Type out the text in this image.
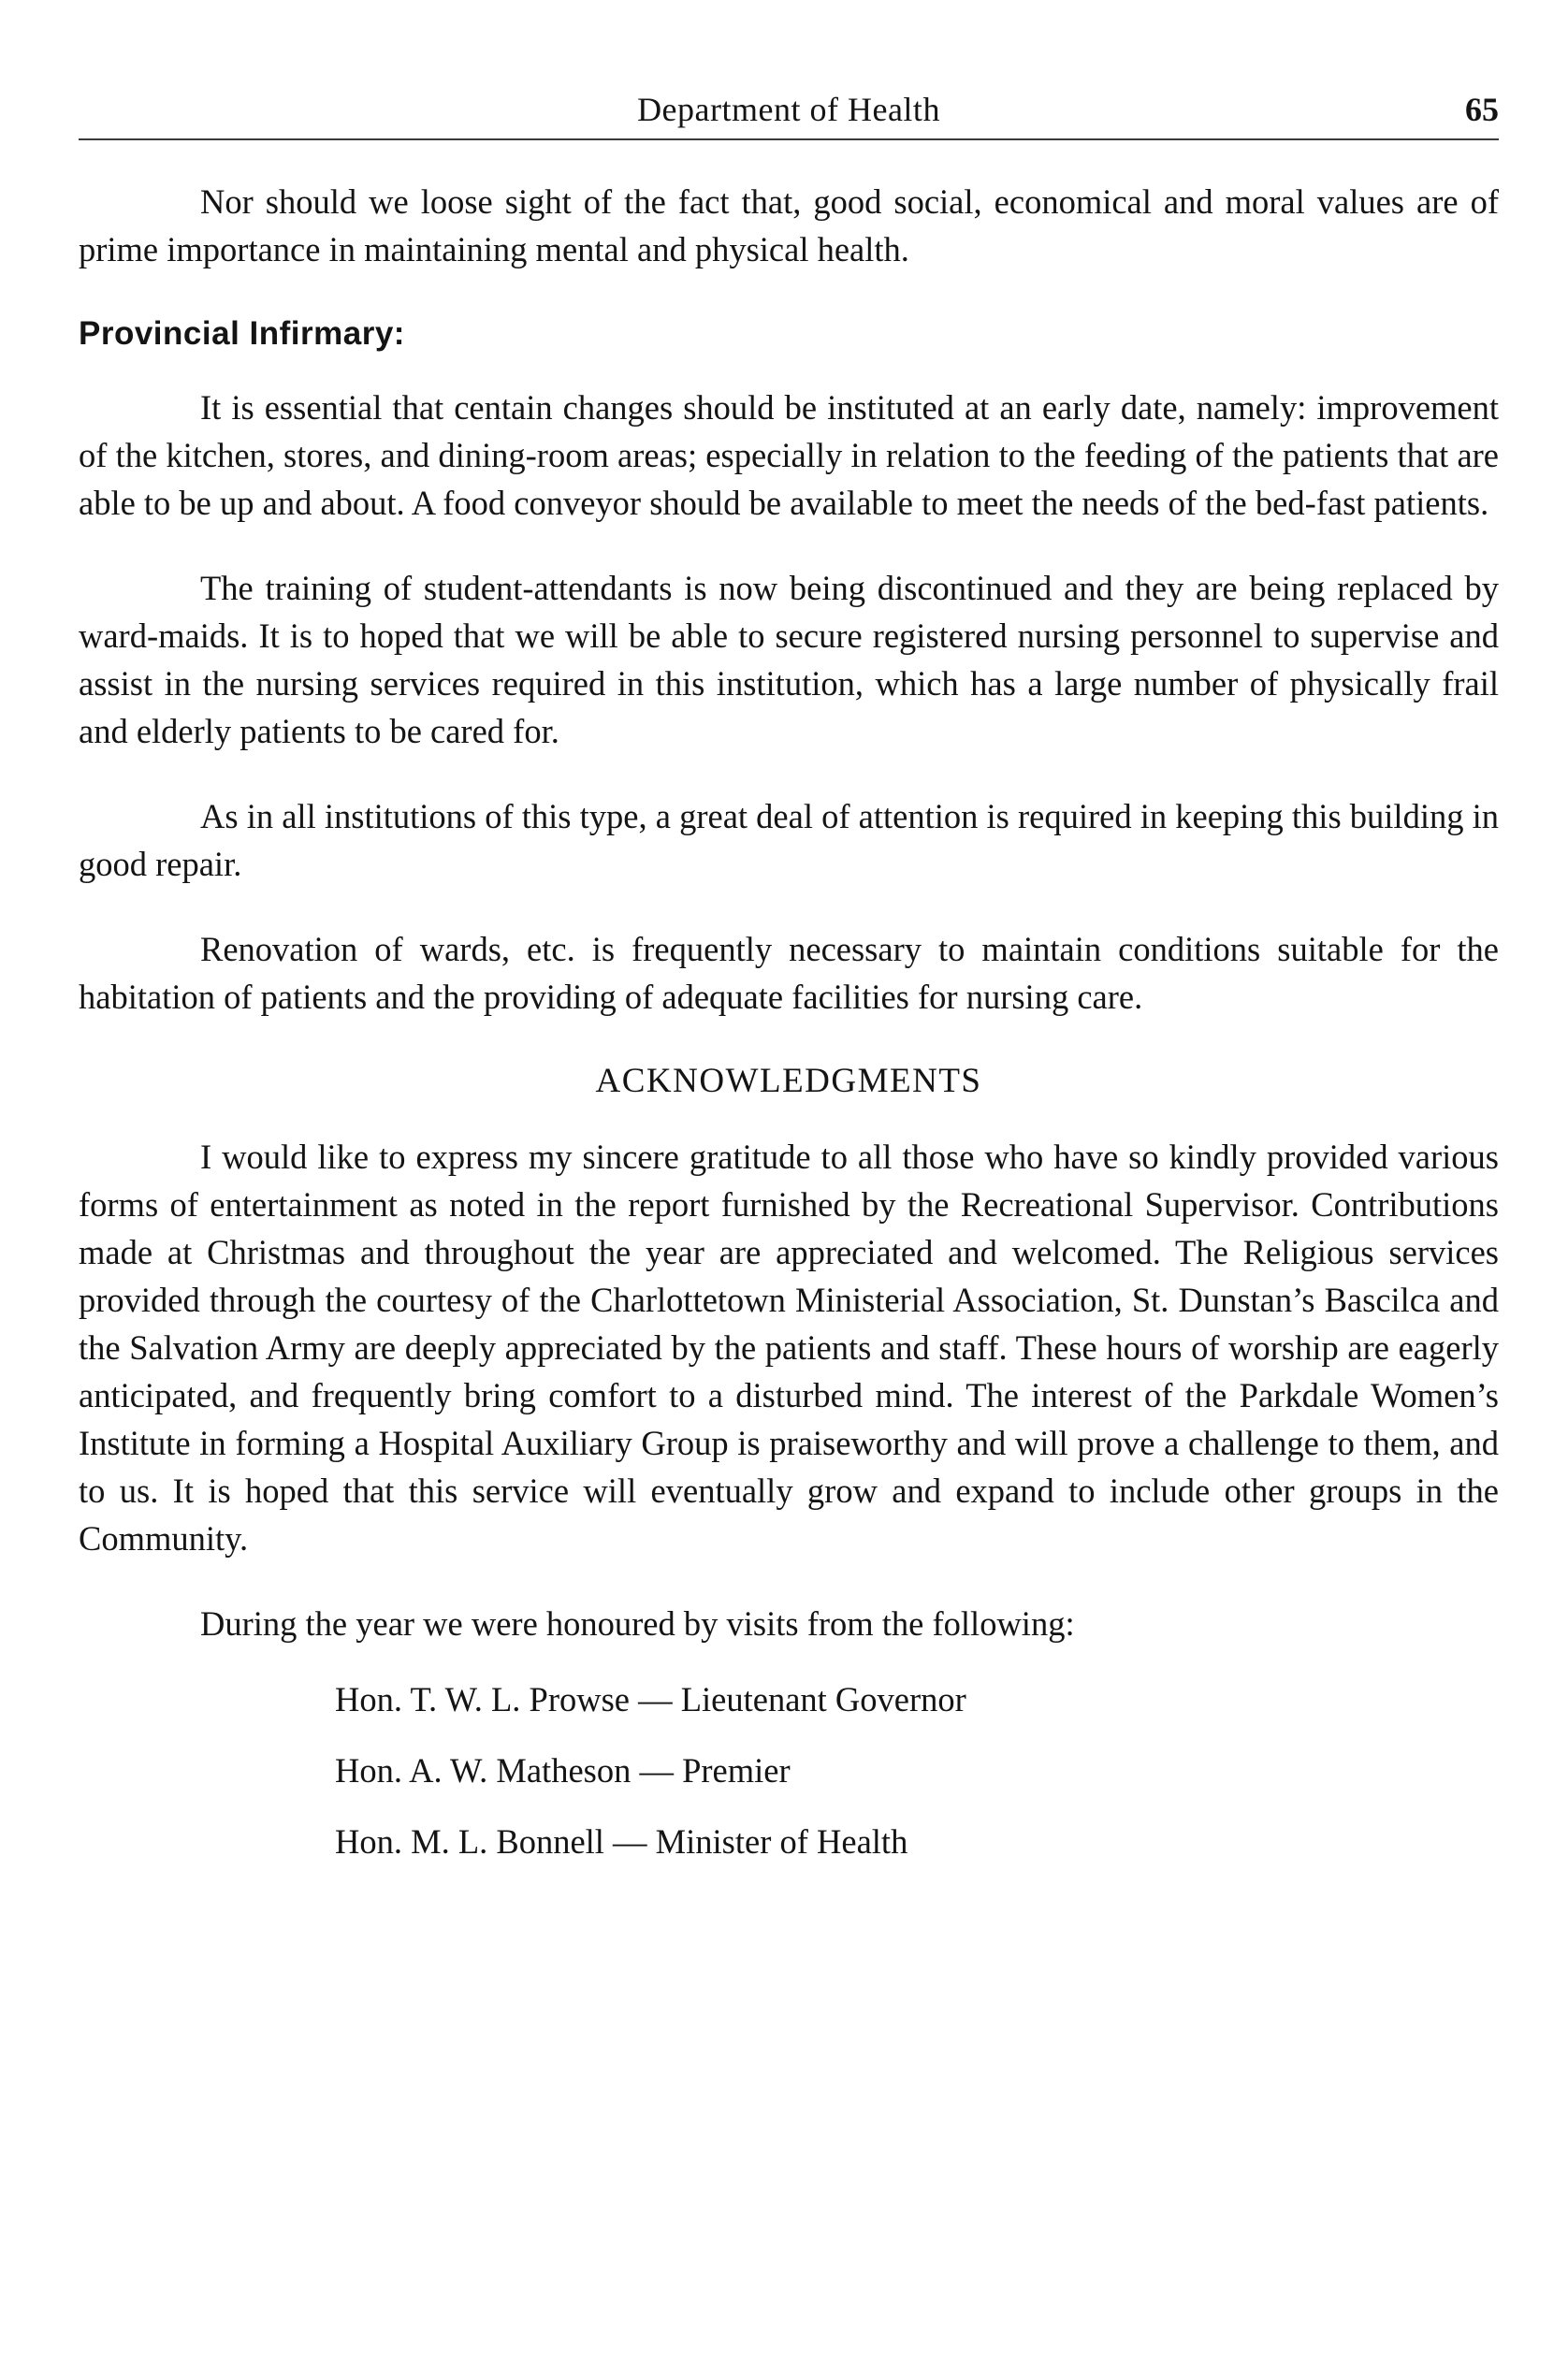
Department of Health	65

Nor should we loose sight of the fact that, good social, economical and moral values are of prime importance in maintaining mental and physical health.

Provincial Infirmary:

It is essential that centain changes should be instituted at an early date, namely: improvement of the kitchen, stores, and dining-room areas; especially in relation to the feeding of the patients that are able to be up and about. A food conveyor should be available to meet the needs of the bed-fast patients.

The training of student-attendants is now being discontinued and they are being replaced by ward-maids. It is to hoped that we will be able to secure registered nursing personnel to supervise and assist in the nursing services required in this institution, which has a large number of physically frail and elderly patients to be cared for.

As in all institutions of this type, a great deal of attention is required in keeping this building in good repair.

Renovation of wards, etc. is frequently necessary to maintain conditions suitable for the habitation of patients and the providing of adequate facilities for nursing care.

ACKNOWLEDGMENTS

I would like to express my sincere gratitude to all those who have so kindly provided various forms of entertainment as noted in the report furnished by the Recreational Supervisor. Contributions made at Christmas and throughout the year are appreciated and welcomed. The Religious services provided through the courtesy of the Charlottetown Ministerial Association, St. Dunstan’s Bascilca and the Salvation Army are deeply appreciated by the patients and staff. These hours of worship are eagerly anticipated, and frequently bring comfort to a disturbed mind. The interest of the Parkdale Women’s Institute in forming a Hospital Auxiliary Group is praiseworthy and will prove a challenge to them, and to us. It is hoped that this service will eventually grow and expand to include other groups in the Community.

During the year we were honoured by visits from the following:

Hon. T. W. L. Prowse — Lieutenant Governor
Hon. A. W. Matheson — Premier
Hon. M. L. Bonnell — Minister of Health
